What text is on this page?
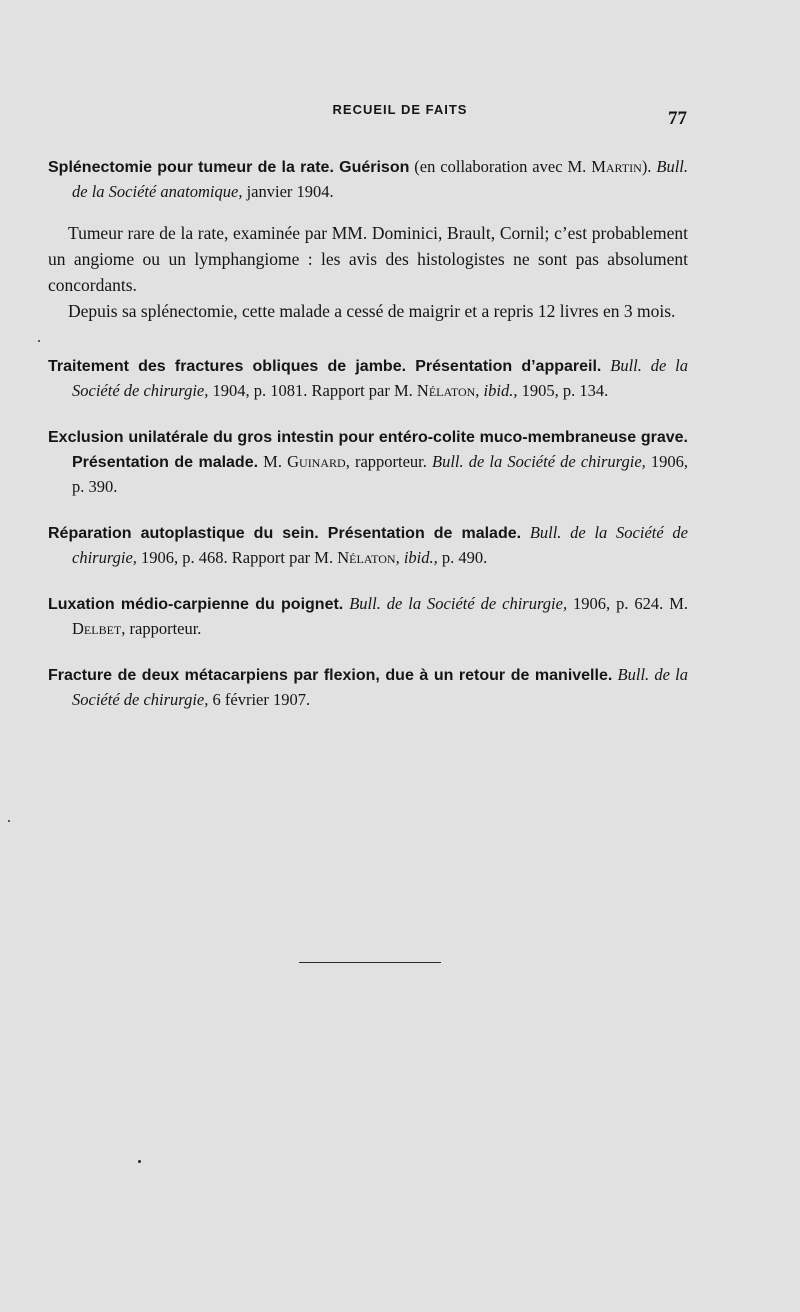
RECUEIL DE FAITS	77

Splénectomie pour tumeur de la rate. Guérison (en collaboration avec M. Martin). Bull. de la Société anatomique, janvier 1904.

Tumeur rare de la rate, examinée par MM. Dominici, Brault, Cornil; c’est probablement un angiome ou un lymphangiome : les avis des histologistes ne sont pas absolument concordants.

Depuis sa splénectomie, cette malade a cessé de maigrir et a repris 12 livres en 3 mois.

Traitement des fractures obliques de jambe. Présentation d’appareil. Bull. de la Société de chirurgie, 1904, p. 1081. Rapport par M. Nélaton, ibid., 1905, p. 134.

Exclusion unilatérale du gros intestin pour entéro-colite muco-membraneuse grave. Présentation de malade. M. Guinard, rapporteur. Bull. de la Société de chirurgie, 1906, p. 390.

Réparation autoplastique du sein. Présentation de malade. Bull. de la Société de chirurgie, 1906, p. 468. Rapport par M. Nélaton, ibid., p. 490.

Luxation médio-carpienne du poignet. Bull. de la Société de chirurgie, 1906, p. 624. M. Delbet, rapporteur.

Fracture de deux métacarpiens par flexion, due à un retour de manivelle. Bull. de la Société de chirurgie, 6 février 1907.
